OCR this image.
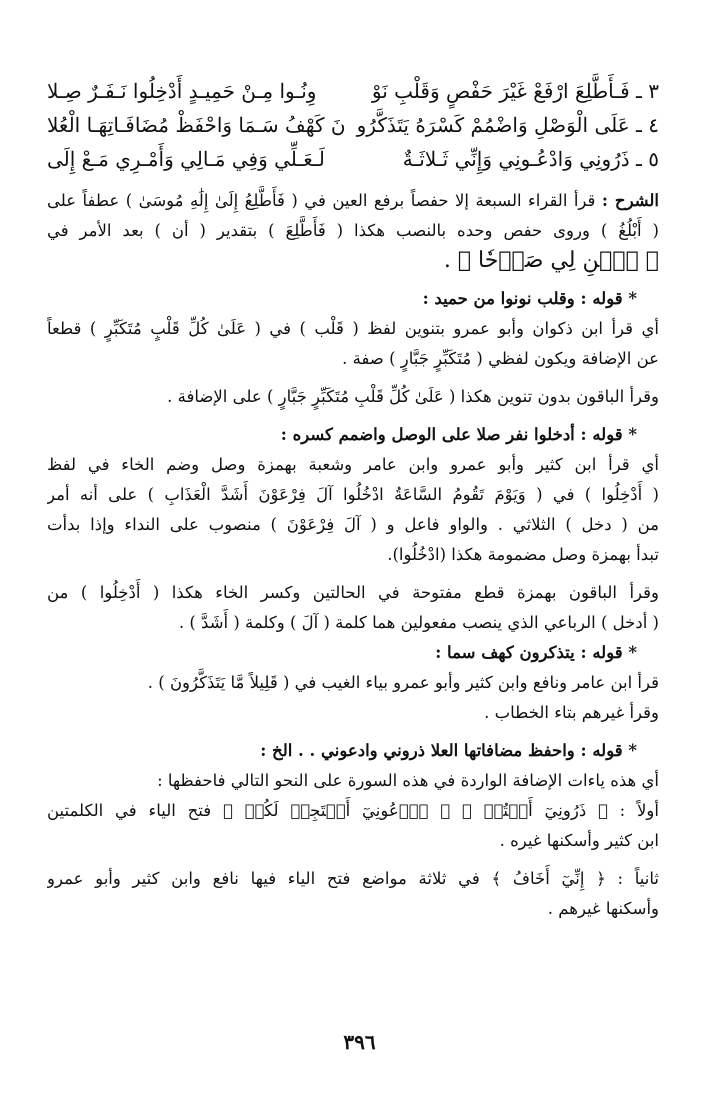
٣ ـ فَـأَطَّلِعَ ارْفَعْ غَيْرَ حَفْصٍ وَقَلْبِ نَوْ
وِنُـوا مِـنْ حَمِيـدٍ أَدْخِلُوا نَـفَـرٌ صِـلا
٤ ـ عَلَى الْوَصْلِ وَاضْمُمْ كَسْرَهُ يَتَذَكَّرُو
نَ كَهْفُ سَـمَا وَاحْفَظْ مُضَافَـاتِهَـا الْعُلا
٥ ـ ذَرُونِي وَادْعُـونِي وَإِنِّي ثَـلاثَـةٌ
لَـعَـلِّي وَفِي مَـالِي وَأَمْـرِي مَـعْ إِلَى
الشرح : قرأ القراء السبعة إلا حفصاً برفع العين في ( فَأَطَّلِعُ إِلَىٰ إِلَٰهِ مُوسَىٰ ) عطفاً على
( أَبْلُغُ ) وروى حفص وحده بالنصب هكذا ( فَأَطَّلِعَ ) بتقدير ( أن ) بعد الأمر في
﴿ ٱبۡنِ لِي صَرۡحٗا ﴾ .
* قوله : وقلب نونوا من حميد :
أي قرأ ابن ذكوان وأبو عمرو بتنوين لفظ ( قَلْب ) في ( عَلَىٰ كُلِّ قَلْبٍ مُتَكَبِّرٍ ) قطعاً
عن الإضافة ويكون لفظي ( مُتَكَبِّرٍ جَبَّارٍ ) صفة .
وقرأ الباقون بدون تنوين هكذا ( عَلَىٰ كُلِّ قَلْبِ مُتَكَبِّرٍ جَبَّارٍ ) على الإضافة .
* قوله : أدخلوا نفر صلا على الوصل واضمم كسره :
أي قرأ ابن كثير وأبو عمرو وابن عامر وشعبة بهمزة وصل وضم الخاء في لفظ
( أَدْخِلُوا ) في ( وَيَوْمَ تَقُومُ السَّاعَةُ ادْخُلُوا آلَ فِرْعَوْنَ أَشَدَّ الْعَذَابِ ) على أنه أمر
من ( دخل ) الثلاثي . والواو فاعل و ( آلَ فِرْعَوْنَ ) منصوب على النداء وإذا بدأت
تبدأ بهمزة وصل مضمومة هكذا (ادْخُلُوا).
وقرأ الباقون بهمزة قطع مفتوحة في الحالتين وكسر الخاء هكذا ( أَدْخِلُوا ) من
( أدخل ) الرباعي الذي ينصب مفعولين هما كلمة ( آلَ ) وكلمة ( أَشَدَّ ) .
* قوله : يتذكرون كهف سما :
قرأ ابن عامر ونافع وابن كثير وأبو عمرو بياء الغيب في ( قَلِيلاً مَّا يَتَذَكَّرُونَ ) .
وقرأ غيرهم بتاء الخطاب .
* قوله : واحفظ مضافاتها العلا ذروني وادعوني . . الخ :
أي هذه ياءات الإضافة الواردة في هذه السورة على النحو التالي فاحفظها :
أولاً : ﴿ ذَرُونِيٓ أَقۡتُلۡ ﴾ ﴿ ٱدۡعُونِيٓ أَسۡتَجِبۡ لَكُمۡ ﴾ فتح الياء في الكلمتين
ابن كثير وأسكنها غيره .
ثانياً : ﴿ إِنِّيٓ أَخَافُ ﴾ في ثلاثة مواضع فتح الياء فيها نافع وابن كثير وأبو عمرو
وأسكنها غيرهم .
٣٩٦
